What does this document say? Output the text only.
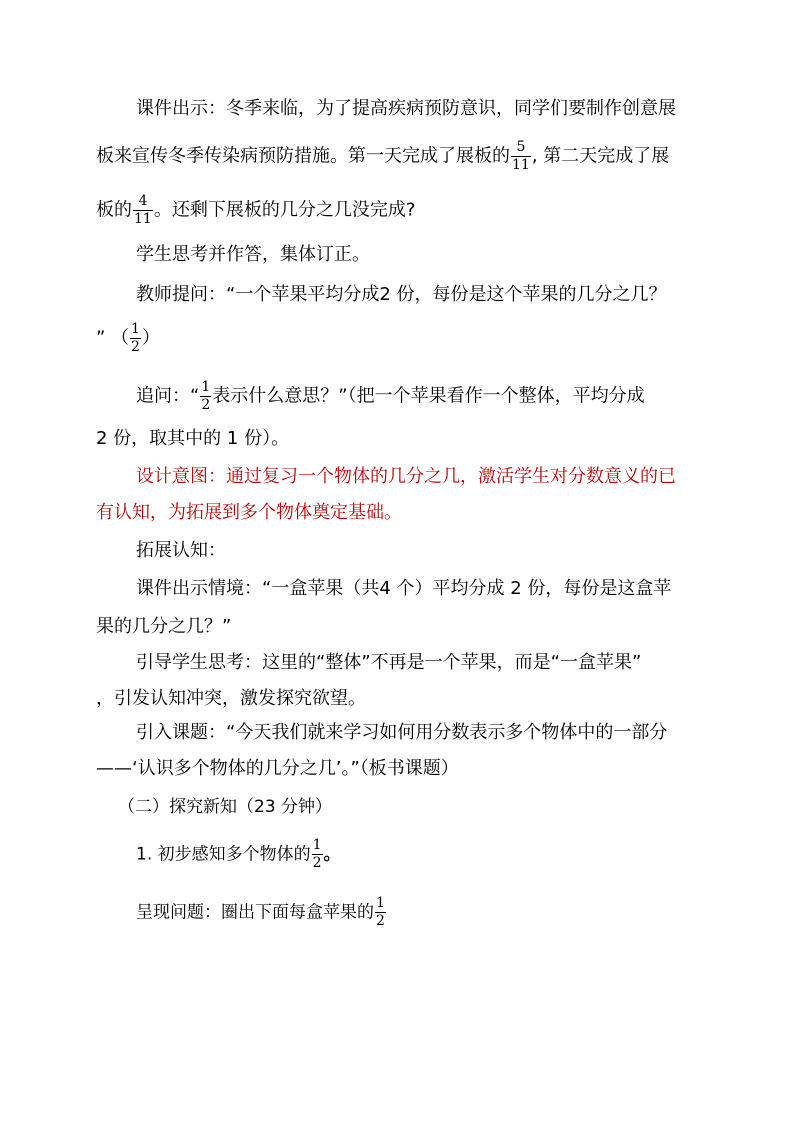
课件出示：冬季来临，为了提高疾病预防意识，同学们要制作创意展
板来宣传冬季传染病预防措施。第一天完成了展板的 $\frac{5}{11}$ , 第二天完成了展
板的 $\frac{4}{11}$ 。还剩下展板的几分之几没完成?
学生思考并作答，集体订正。
教师提问：“一个苹果平均分成2 份，每份是这个苹果的几分之几？
” （ $\frac{1}{2}$ ）
追问：“ $\frac{1}{2}$ 表示什么意思？”（把一个苹果看作一个整体，平均分成
2 份，取其中的 1 份）。
设计意图：通过复习一个物体的几分之几，激活学生对分数意义的已
有认知，为拓展到多个物体奠定基础。
拓展认知：
课件出示情境：“一盒苹果（共4 个）平均分成 2 份，每份是这盒苹
果的几分之几？”
引导学生思考：这里的“整体”不再是一个苹果，而是“一盒苹果”
，引发认知冲突，激发探究欲望。
引入课题：“今天我们就来学习如何用分数表示多个物体中的一部分
——‘认识多个物体的几分之几’。”（板书课题）
（二）探究新知（23 分钟）
1. 初步感知多个物体的 $\frac{1}{2}$ 。
呈现问题：圈出下面每盒苹果的 $\frac{1}{2}$
